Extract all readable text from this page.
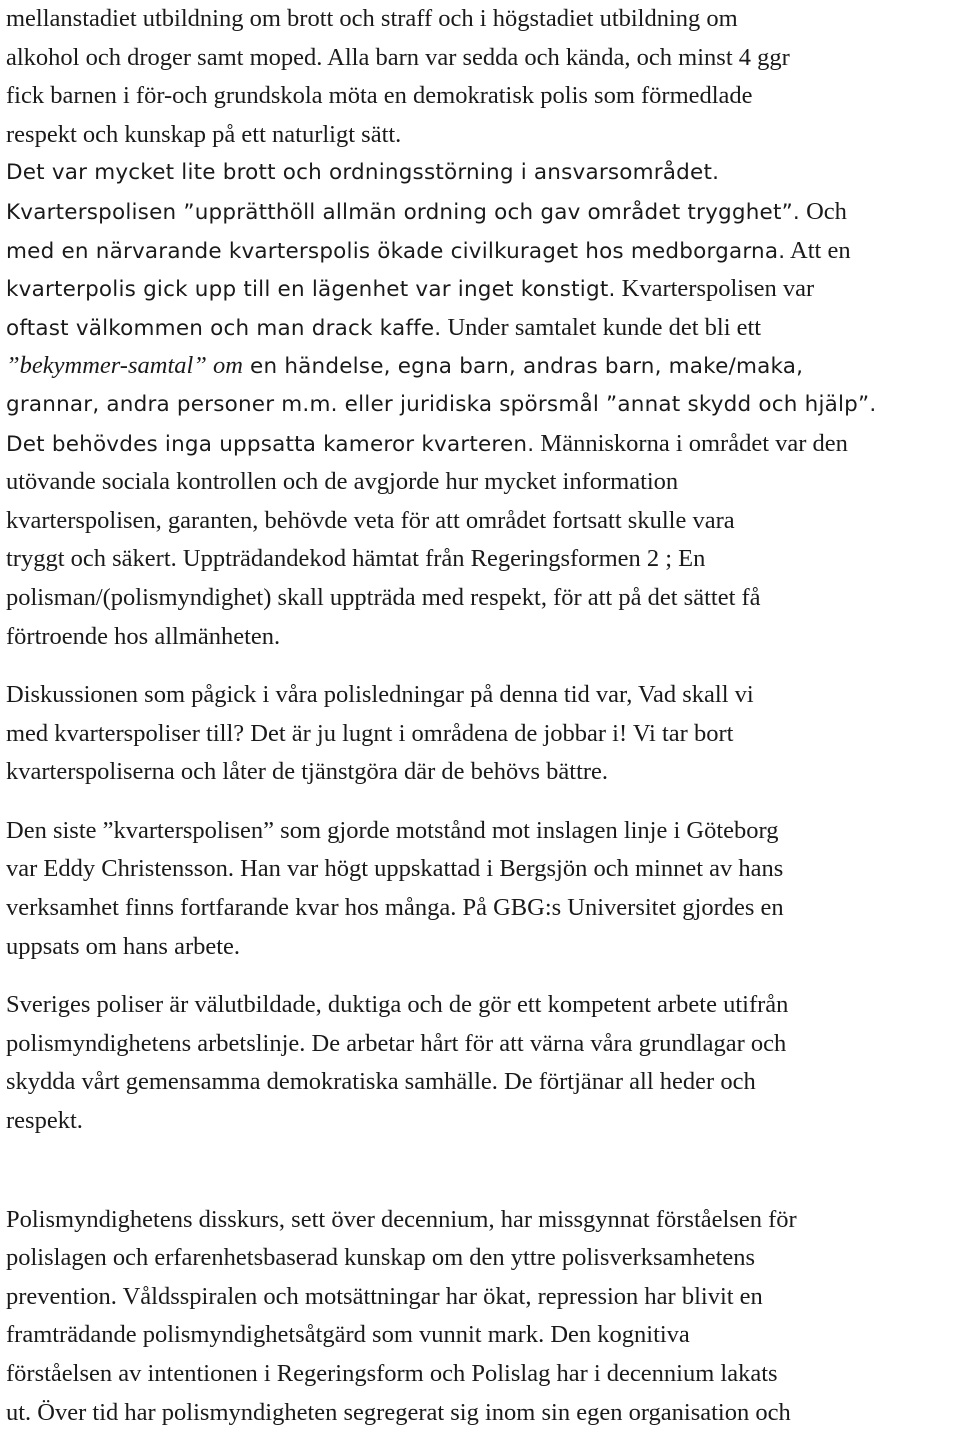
mellanstadiet utbildning om brott och straff och i högstadiet utbildning om
alkohol och droger samt moped. Alla barn var sedda och kända, och minst 4 ggr
fick barnen i för-och grundskola möta en demokratisk polis som förmedlade
respekt och kunskap på ett naturligt sätt.
Det var mycket lite brott och ordningsstörning i ansvarsområdet.
Kvarterspolisen ”upprätthöll allmän ordning och gav området trygghet”. Och
med en närvarande kvarterspolis ökade civilkuraget hos medborgarna. Att en
kvarterpolis gick upp till en lägenhet var inget konstigt. Kvarterspolisen var
oftast välkommen och man drack kaffe. Under samtalet kunde det bli ett
”bekymmer-samtal” om en händelse, egna barn, andras barn, make/maka,
grannar, andra personer m.m. eller juridiska spörsmål ”annat skydd och hjälp”.
Det behövdes inga uppsatta kameror kvarteren. Människorna i området var den
utövande sociala kontrollen och de avgjorde hur mycket information
kvarterspolisen, garanten, behövde veta för att området fortsatt skulle vara
tryggt och säkert. Uppträdandekod hämtat från Regeringsformen 2 ; En
polisman/(polismyndighet) skall uppträda med respekt, för att på det sättet få
förtroende hos allmänheten.
Diskussionen som pågick i våra polisledningar på denna tid var, Vad skall vi
med kvarterspoliser till? Det är ju lugnt i områdena de jobbar i! Vi tar bort
kvarterspoliserna och låter de tjänstgöra där de behövs bättre.
Den siste ”kvarterspolisen” som gjorde motstånd mot inslagen linje i Göteborg
var Eddy Christensson. Han var högt uppskattad i Bergsjön och minnet av hans
verksamhet finns fortfarande kvar hos många. På GBG:s Universitet gjordes en
uppsats om hans arbete.
Sveriges poliser är välutbildade, duktiga och de gör ett kompetent arbete utifrån
polismyndighetens arbetslinje. De arbetar hårt för att värna våra grundlagar och
skydda vårt gemensamma demokratiska samhälle. De förtjänar all heder och
respekt.
Polismyndighetens disskurs, sett över decennium, har missgynnat förståelsen för
polislagen och erfarenhetsbaserad kunskap om den yttre polisverksamhetens
prevention. Våldsspiralen och motsättningar har ökat, repression har blivit en
framträdande polismyndighetsåtgärd som vunnit mark. Den kognitiva
förståelsen av intentionen i Regeringsform och Polislag har i decennium lakats
ut. Över tid har polismyndigheten segregerat sig inom sin egen organisation och
